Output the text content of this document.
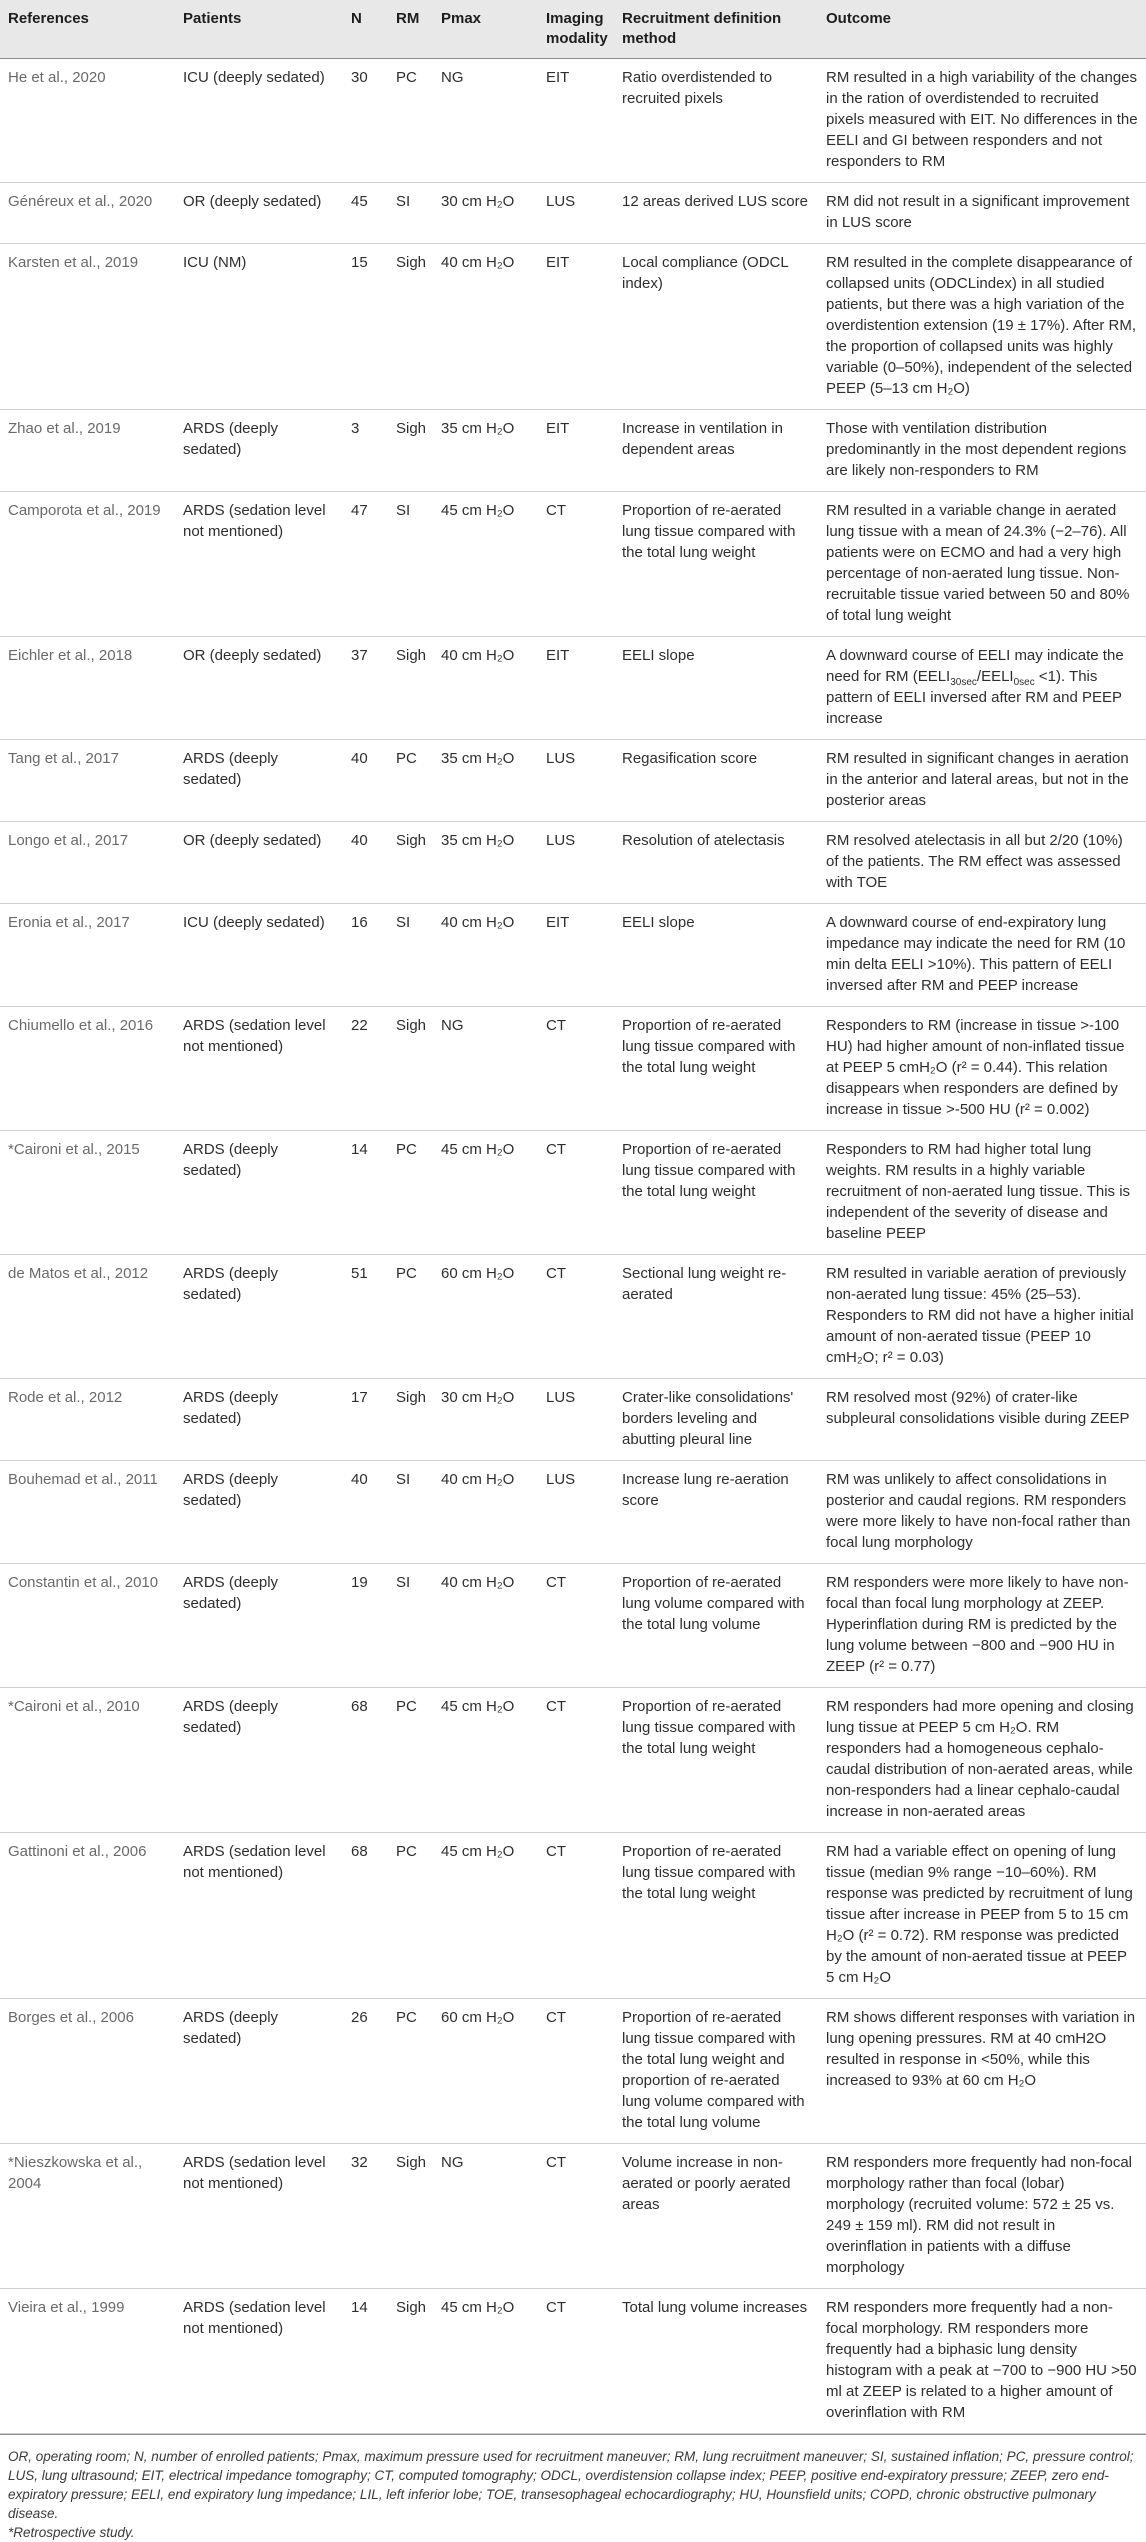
References	Patients	N	RM	Pmax	Imaging modality	Recruitment definition method	Outcome
He et al., 2020	ICU (deeply sedated)	30	PC	NG	EIT	Ratio overdistended to recruited pixels	RM resulted in a high variability of the changes in the ration of overdistended to recruited pixels measured with EIT. No differences in the EELI and GI between responders and not responders to RM
Généreux et al., 2020	OR (deeply sedated)	45	SI	30 cm H₂O	LUS	12 areas derived LUS score	RM did not result in a significant improvement in LUS score
Karsten et al., 2019	ICU (NM)	15	Sigh	40 cm H₂O	EIT	Local compliance (ODCL index)	RM resulted in the complete disappearance of collapsed units (ODCLindex) in all studied patients, but there was a high variation of the overdistention extension (19 ± 17%). After RM, the proportion of collapsed units was highly variable (0–50%), independent of the selected PEEP (5–13 cm H₂O)
Zhao et al., 2019	ARDS (deeply sedated)	3	Sigh	35 cm H₂O	EIT	Increase in ventilation in dependent areas	Those with ventilation distribution predominantly in the most dependent regions are likely non-responders to RM
Camporota et al., 2019	ARDS (sedation level not mentioned)	47	SI	45 cm H₂O	CT	Proportion of re-aerated lung tissue compared with the total lung weight	RM resulted in a variable change in aerated lung tissue with a mean of 24.3% (−2–76). All patients were on ECMO and had a very high percentage of non-aerated lung tissue. Non-recruitable tissue varied between 50 and 80% of total lung weight
Eichler et al., 2018	OR (deeply sedated)	37	Sigh	40 cm H₂O	EIT	EELI slope	A downward course of EELI may indicate the need for RM $(EELI_{30sec}/EELI_{0sec} <1)$. This pattern of EELI inversed after RM and PEEP increase
Tang et al., 2017	ARDS (deeply sedated)	40	PC	35 cm H₂O	LUS	Regasification score	RM resulted in significant changes in aeration in the anterior and lateral areas, but not in the posterior areas
Longo et al., 2017	OR (deeply sedated)	40	Sigh	35 cm H₂O	LUS	Resolution of atelectasis	RM resolved atelectasis in all but 2/20 (10%) of the patients. The RM effect was assessed with TOE
Eronia et al., 2017	ICU (deeply sedated)	16	SI	40 cm H₂O	EIT	EELI slope	A downward course of end-expiratory lung impedance may indicate the need for RM (10 min delta EELI >10%). This pattern of EELI inversed after RM and PEEP increase
Chiumello et al., 2016	ARDS (sedation level not mentioned)	22	Sigh	NG	CT	Proportion of re-aerated lung tissue compared with the total lung weight	Responders to RM (increase in tissue >-100 HU) had higher amount of non-inflated tissue at PEEP 5 cmH₂O (r² = 0.44). This relation disappears when responders are defined by increase in tissue >-500 HU (r² = 0.002)
*Caironi et al., 2015	ARDS (deeply sedated)	14	PC	45 cm H₂O	CT	Proportion of re-aerated lung tissue compared with the total lung weight	Responders to RM had higher total lung weights. RM results in a highly variable recruitment of non-aerated lung tissue. This is independent of the severity of disease and baseline PEEP
de Matos et al., 2012	ARDS (deeply sedated)	51	PC	60 cm H₂O	CT	Sectional lung weight re-aerated	RM resulted in variable aeration of previously non-aerated lung tissue: 45% (25–53). Responders to RM did not have a higher initial amount of non-aerated tissue (PEEP 10 cmH₂O; r² = 0.03)
Rode et al., 2012	ARDS (deeply sedated)	17	Sigh	30 cm H₂O	LUS	Crater-like consolidations' borders leveling and abutting pleural line	RM resolved most (92%) of crater-like subpleural consolidations visible during ZEEP
Bouhemad et al., 2011	ARDS (deeply sedated)	40	SI	40 cm H₂O	LUS	Increase lung re-aeration score	RM was unlikely to affect consolidations in posterior and caudal regions. RM responders were more likely to have non-focal rather than focal lung morphology
Constantin et al., 2010	ARDS (deeply sedated)	19	SI	40 cm H₂O	CT	Proportion of re-aerated lung volume compared with the total lung volume	RM responders were more likely to have non-focal than focal lung morphology at ZEEP. Hyperinflation during RM is predicted by the lung volume between −800 and −900 HU in ZEEP (r² = 0.77)
*Caironi et al., 2010	ARDS (deeply sedated)	68	PC	45 cm H₂O	CT	Proportion of re-aerated lung tissue compared with the total lung weight	RM responders had more opening and closing lung tissue at PEEP 5 cm H₂O. RM responders had a homogeneous cephalo-caudal distribution of non-aerated areas, while non-responders had a linear cephalo-caudal increase in non-aerated areas
Gattinoni et al., 2006	ARDS (sedation level not mentioned)	68	PC	45 cm H₂O	CT	Proportion of re-aerated lung tissue compared with the total lung weight	RM had a variable effect on opening of lung tissue (median 9% range −10–60%). RM response was predicted by recruitment of lung tissue after increase in PEEP from 5 to 15 cm H₂O (r² = 0.72). RM response was predicted by the amount of non-aerated tissue at PEEP 5 cm H₂O
Borges et al., 2006	ARDS (deeply sedated)	26	PC	60 cm H₂O	CT	Proportion of re-aerated lung tissue compared with the total lung weight and proportion of re-aerated lung volume compared with the total lung volume	RM shows different responses with variation in lung opening pressures. RM at 40 cmH2O resulted in response in <50%, while this increased to 93% at 60 cm H₂O
*Nieszkowska et al., 2004	ARDS (sedation level not mentioned)	32	Sigh	NG	CT	Volume increase in non-aerated or poorly aerated areas	RM responders more frequently had non-focal morphology rather than focal (lobar) morphology (recruited volume: 572 ± 25 vs. 249 ± 159 ml). RM did not result in overinflation in patients with a diffuse morphology
Vieira et al., 1999	ARDS (sedation level not mentioned)	14	Sigh	45 cm H₂O	CT	Total lung volume increases	RM responders more frequently had a non-focal morphology. RM responders more frequently had a biphasic lung density histogram with a peak at −700 to −900 HU >50 ml at ZEEP is related to a higher amount of overinflation with RM

OR, operating room; N, number of enrolled patients; Pmax, maximum pressure used for recruitment maneuver; RM, lung recruitment maneuver; SI, sustained inflation; PC, pressure control; LUS, lung ultrasound; EIT, electrical impedance tomography; CT, computed tomography; ODCL, overdistension collapse index; PEEP, positive end-expiratory pressure; ZEEP, zero end-expiratory pressure; EELI, end expiratory lung impedance; LIL, left inferior lobe; TOE, transesophageal echocardiography; HU, Hounsfield units; COPD, chronic obstructive pulmonary disease.

*Retrospective study.
